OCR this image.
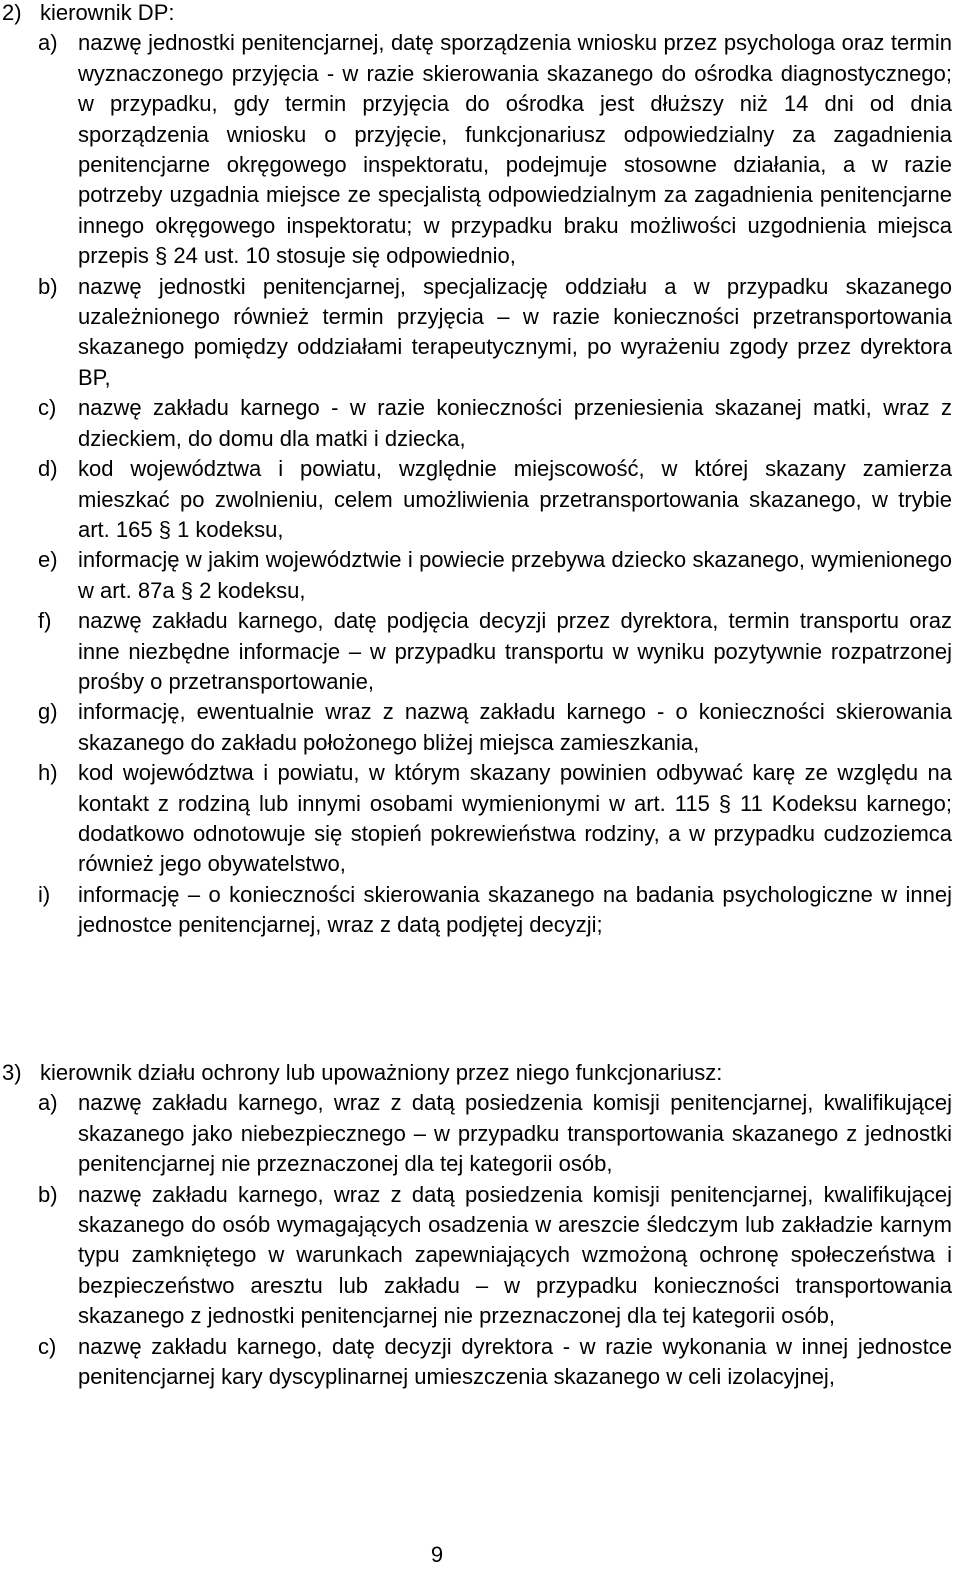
2) kierownik DP:
a) nazwę jednostki penitencjarnej, datę sporządzenia wniosku przez psychologa oraz termin wyznaczonego przyjęcia - w razie skierowania skazanego do ośrodka diagnostycznego; w przypadku, gdy termin przyjęcia do ośrodka jest dłuższy niż 14 dni od dnia sporządzenia wniosku o przyjęcie, funkcjonariusz odpowiedzialny za zagadnienia penitencjarne okręgowego inspektoratu, podejmuje stosowne działania, a w razie potrzeby uzgadnia miejsce ze specjalistą odpowiedzialnym za zagadnienia penitencjarne innego okręgowego inspektoratu; w przypadku braku możliwości uzgodnienia miejsca przepis § 24 ust. 10 stosuje się odpowiednio,
b) nazwę jednostki penitencjarnej, specjalizację oddziału a w przypadku skazanego uzależnionego również termin przyjęcia – w razie konieczności przetransportowania skazanego pomiędzy oddziałami terapeutycznymi, po wyrażeniu zgody przez dyrektora BP,
c) nazwę zakładu karnego - w razie konieczności przeniesienia skazanej matki, wraz z dzieckiem, do domu dla matki i dziecka,
d) kod województwa i powiatu, względnie miejscowość, w której skazany zamierza mieszkać po zwolnieniu, celem umożliwienia przetransportowania skazanego, w trybie art. 165 § 1 kodeksu,
e) informację w jakim województwie i powiecie przebywa dziecko skazanego, wymienionego w art. 87a § 2 kodeksu,
f)	nazwę zakładu karnego, datę podjęcia decyzji przez dyrektora, termin transportu oraz inne niezbędne informacje – w przypadku transportu w wyniku pozytywnie rozpatrzonej prośby o przetransportowanie,
g) informację, ewentualnie wraz z nazwą zakładu karnego - o konieczności skierowania skazanego do zakładu położonego bliżej miejsca zamieszkania,
h) kod województwa i powiatu, w którym skazany powinien odbywać karę ze względu na kontakt z rodziną lub innymi osobami wymienionymi w art. 115 § 11 Kodeksu karnego; dodatkowo odnotowuje się stopień pokrewieństwa rodziny, a w przypadku cudzoziemca również jego obywatelstwo,
i)	informację – o konieczności skierowania skazanego na badania psychologiczne w innej jednostce penitencjarnej, wraz z datą podjętej decyzji;
3) kierownik działu ochrony lub upoważniony przez niego funkcjonariusz:
a) nazwę zakładu karnego, wraz z datą posiedzenia komisji penitencjarnej, kwalifikującej skazanego jako niebezpiecznego – w przypadku transportowania skazanego z jednostki penitencjarnej nie przeznaczonej dla tej kategorii osób,
b) nazwę zakładu karnego, wraz z datą posiedzenia komisji penitencjarnej, kwalifikującej skazanego do osób wymagających osadzenia w areszcie śledczym lub zakładzie karnym typu zamkniętego w warunkach zapewniających wzmożoną ochronę społeczeństwa i bezpieczeństwo aresztu lub zakładu – w przypadku konieczności transportowania skazanego z jednostki penitencjarnej nie przeznaczonej dla tej kategorii osób,
c) nazwę zakładu karnego, datę decyzji dyrektora - w razie wykonania w innej jednostce penitencjarnej kary dyscyplinarnej umieszczenia skazanego w celi izolacyjnej,
9
